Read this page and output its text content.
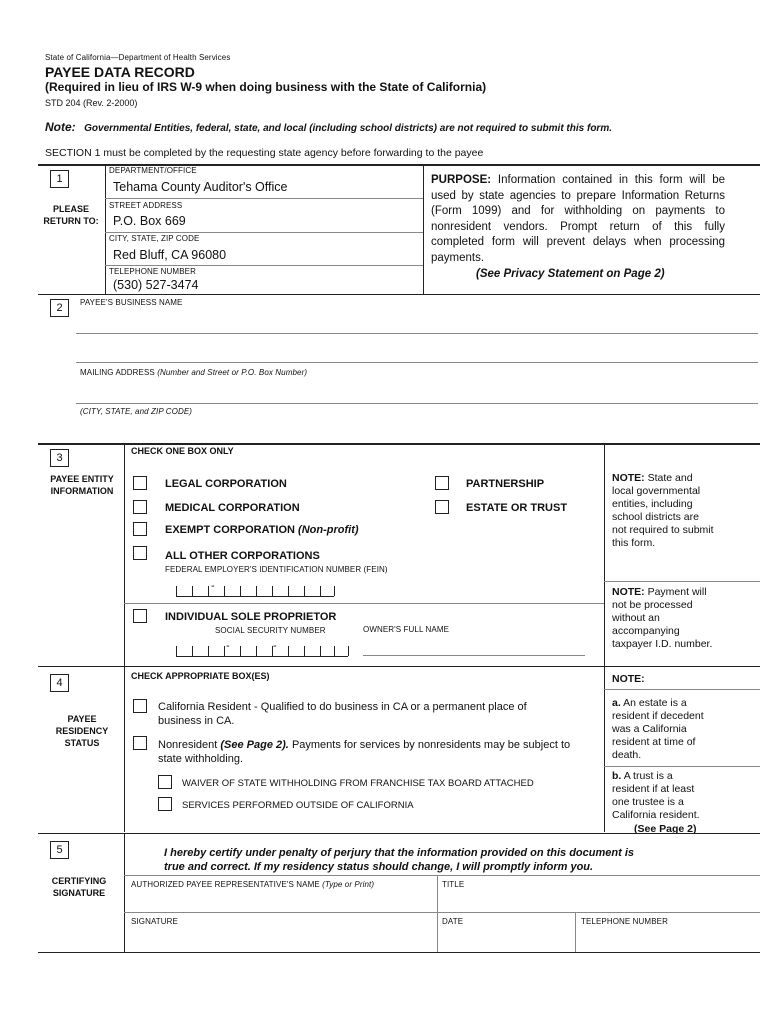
State of California—Department of Health Services
PAYEE DATA RECORD
(Required in lieu of IRS W-9 when doing business with the State of California)
STD 204 (Rev. 2-2000)
Note: Governmental Entities, federal, state, and local (including school districts) are not required to submit this form.
SECTION 1 must be completed by the requesting state agency before forwarding to the payee
1
PLEASE RETURN TO:
DEPARTMENT/OFFICE
Tehama County Auditor's Office
STREET ADDRESS
P.O. Box 669
CITY, STATE, ZIP CODE
Red Bluff, CA 96080
TELEPHONE NUMBER
(530) 527-3474
PURPOSE: Information contained in this form will be used by state agencies to prepare Information Returns (Form 1099) and for withholding on payments to nonresident vendors. Prompt return of this fully completed form will prevent delays when processing payments.
(See Privacy Statement on Page 2)
2	PAYEE'S BUSINESS NAME
MAILING ADDRESS (Number and Street or P.O. Box Number)
(CITY, STATE, and ZIP CODE)
3
PAYEE ENTITY INFORMATION
CHECK ONE BOX ONLY
LEGAL CORPORATION
MEDICAL CORPORATION
EXEMPT CORPORATION (Non-profit)
ALL OTHER CORPORATIONS
PARTNERSHIP
ESTATE OR TRUST
FEDERAL EMPLOYER'S IDENTIFICATION NUMBER (FEIN)
-
INDIVIDUAL SOLE PROPRIETOR
SOCIAL SECURITY NUMBER	OWNER'S FULL NAME
-	-
NOTE: State and local governmental entities, including school districts are not required to submit this form.
NOTE: Payment will not be processed without an accompanying taxpayer I.D. number.
4
PAYEE RESIDENCY STATUS
CHECK APPROPRIATE BOX(ES)
California Resident - Qualified to do business in CA or a permanent place of business in CA.
Nonresident (See Page 2). Payments for services by nonresidents may be subject to state withholding.
WAIVER OF STATE WITHHOLDING FROM FRANCHISE TAX BOARD ATTACHED
SERVICES PERFORMED OUTSIDE OF CALIFORNIA
NOTE:
a. An estate is a resident if decedent was a California resident at time of death.
b. A trust is a resident if at least one trustee is a California resident.
(See Page 2)
5
CERTIFYING SIGNATURE
I hereby certify under penalty of perjury that the information provided on this document is true and correct. If my residency status should change, I will promptly inform you.
AUTHORIZED PAYEE REPRESENTATIVE'S NAME (Type or Print)	TITLE
SIGNATURE	DATE	TELEPHONE NUMBER
